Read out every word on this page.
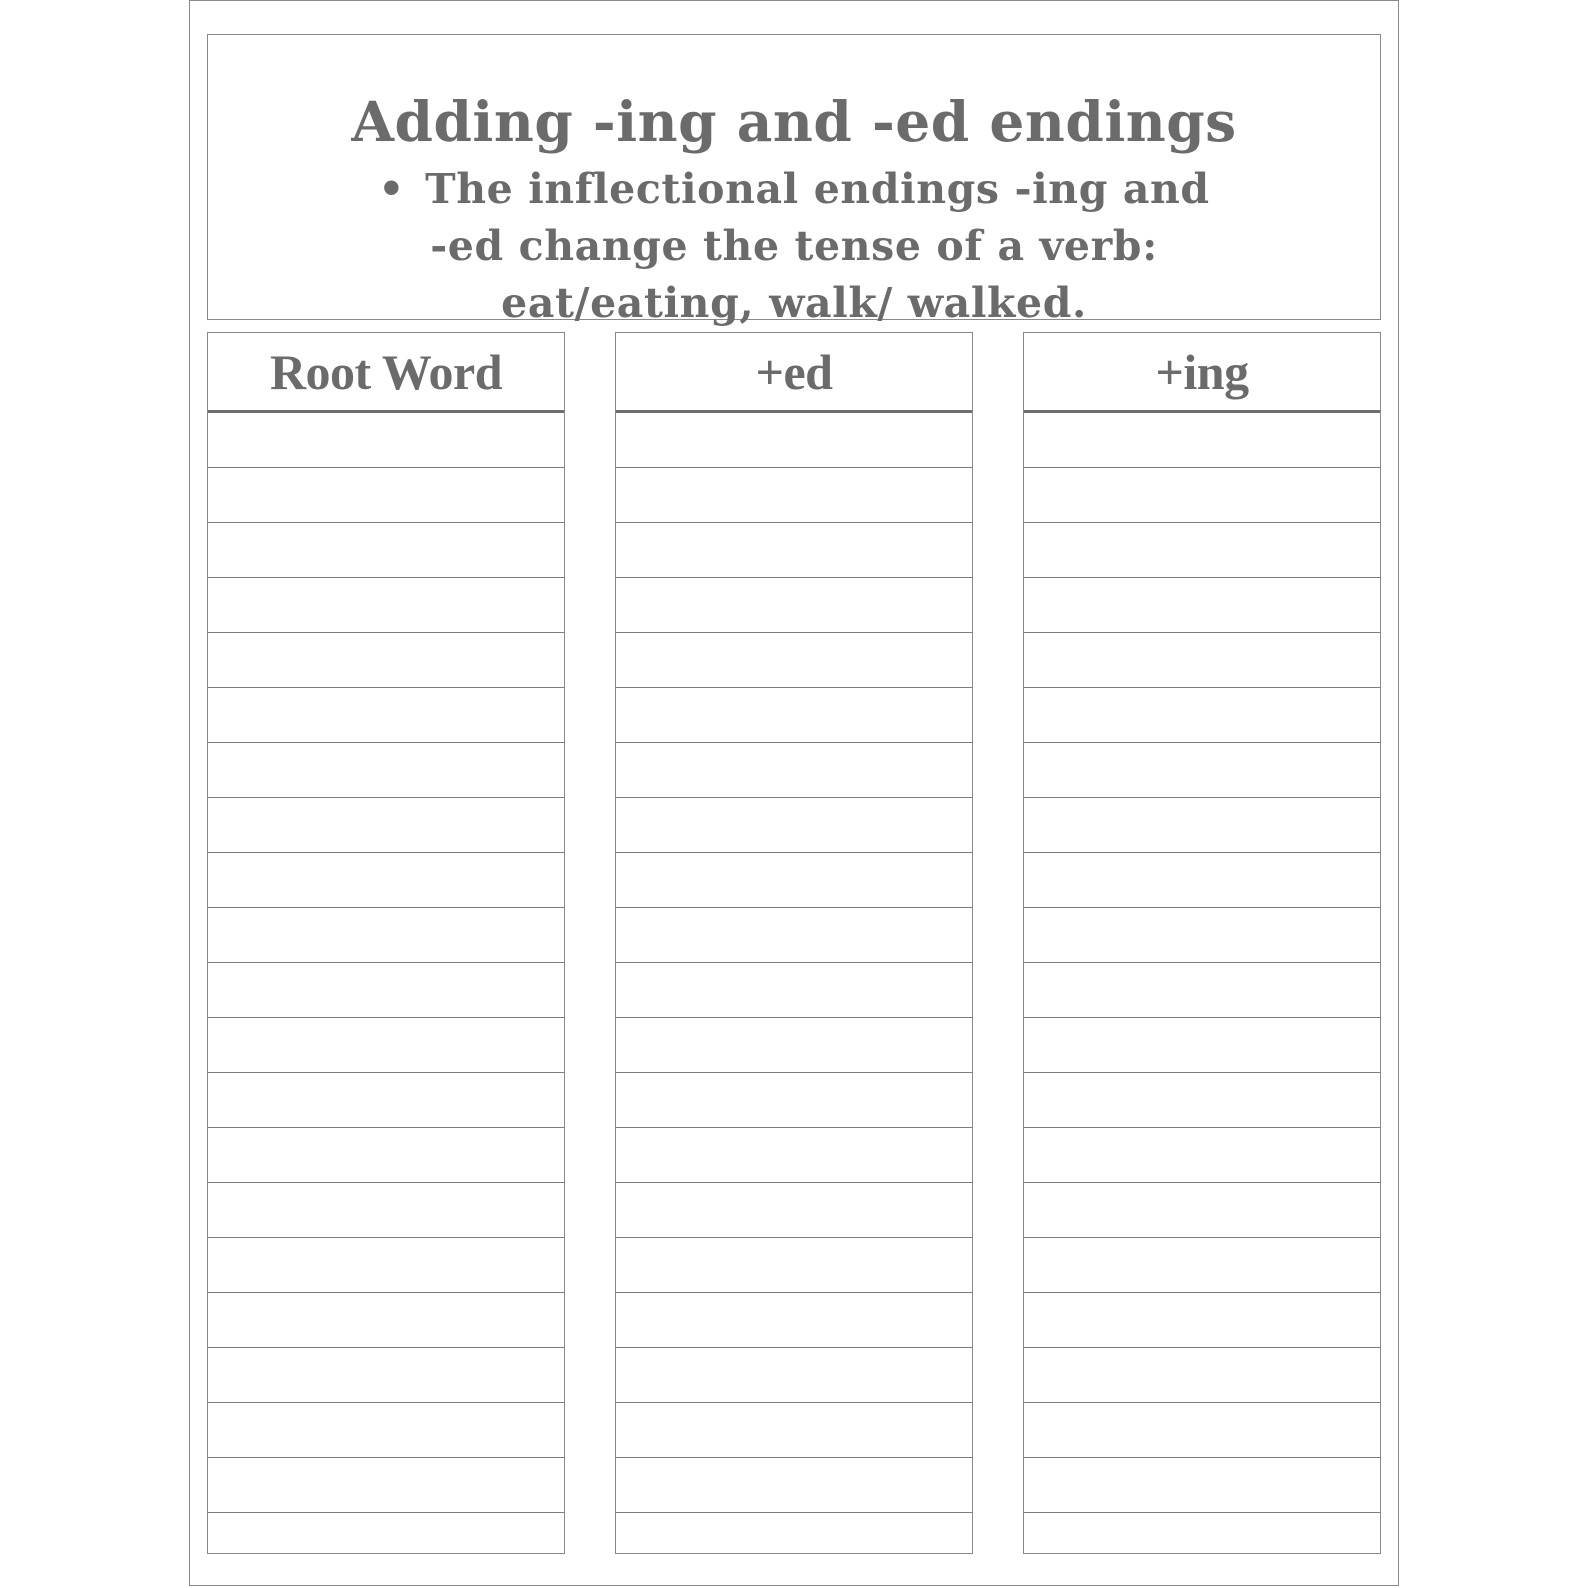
Adding -ing and -ed endings

• The inflectional endings -ing and

-ed change the tense of a verb:

eat/eating, walk/ walked.

Root Word	+ed	+ing
